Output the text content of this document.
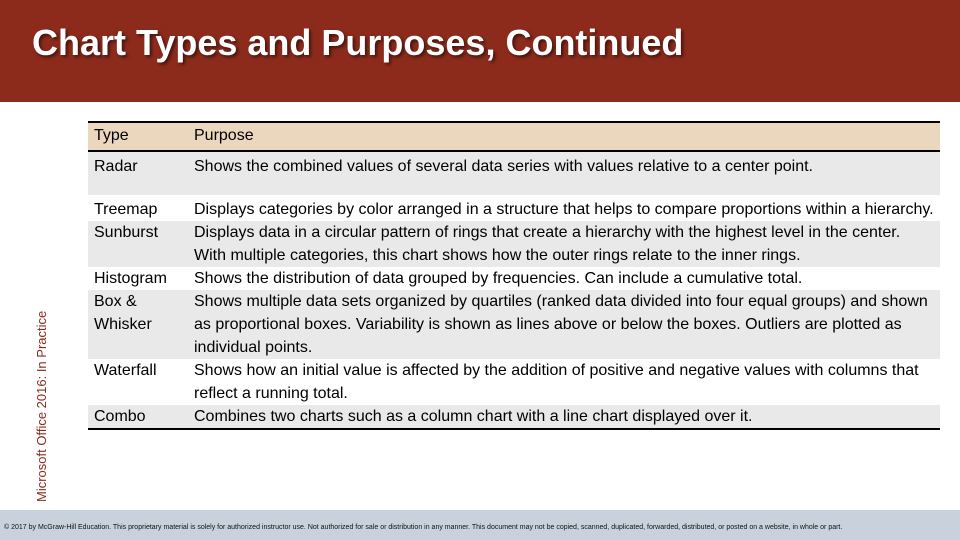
Chart Types and Purposes, Continued
Microsoft Office 2016: In Practice
Type	Purpose
Radar	Shows the combined values of several data series with values relative to a center point.
Treemap	Displays categories by color arranged in a structure that helps to compare proportions within a hierarchy.
Sunburst	Displays data in a circular pattern of rings that create a hierarchy with the highest level in the center. With multiple categories, this chart shows how the outer rings relate to the inner rings.
Histogram	Shows the distribution of data grouped by frequencies. Can include a cumulative total.
Box & Whisker	Shows multiple data sets organized by quartiles (ranked data divided into four equal groups) and shown as proportional boxes. Variability is shown as lines above or below the boxes. Outliers are plotted as individual points.
Waterfall	Shows how an initial value is affected by the addition of positive and negative values with columns that reflect a running total.
Combo	Combines two charts such as a column chart with a line chart displayed over it.
© 2017 by McGraw-Hill Education. This proprietary material is solely for authorized instructor use. Not authorized for sale or distribution in any manner. This document may not be copied, scanned, duplicated, forwarded, distributed, or posted on a website, in whole or part.
